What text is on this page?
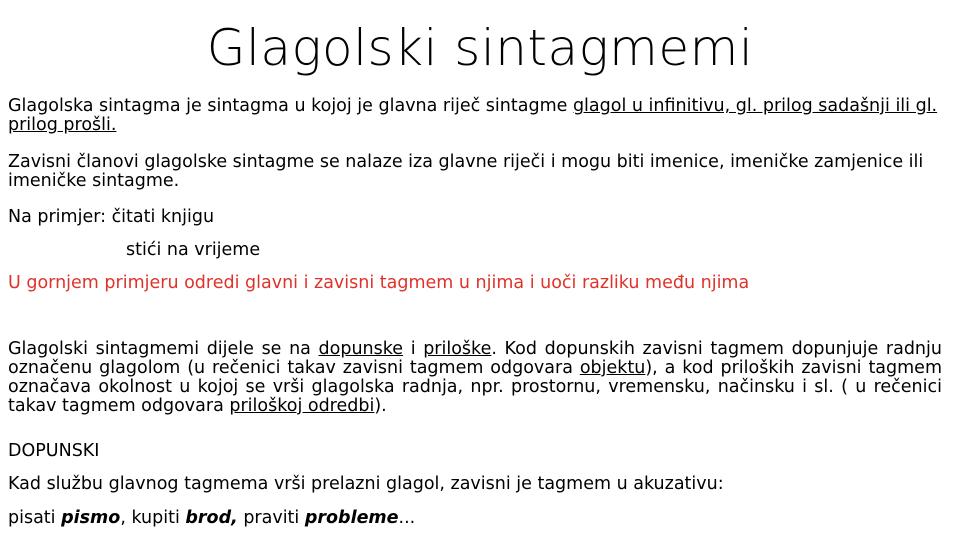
Glagolski sintagmemi
Glagolska sintagma je sintagma u kojoj je glavna riječ sintagme glagol u infinitivu, gl. prilog sadašnji ili gl. prilog prošli.
Zavisni članovi glagolske sintagme se nalaze iza glavne riječi i mogu biti imenice, imeničke zamjenice ili imeničke sintagme.
Na primjer: čitati knjigu
stići na vrijeme
U gornjem primjeru odredi glavni i zavisni tagmem u njima i uoči razliku među njima
Glagolski sintagmemi dijele se na dopunske i priloške. Kod dopunskih zavisni tagmem dopunjuje radnju označenu glagolom (u rečenici takav zavisni tagmem odgovara objektu), a kod priloških zavisni tagmem označava okolnost u kojoj se vrši glagolska radnja, npr. prostornu, vremensku, načinsku i sl. ( u rečenici takav tagmem odgovara priloškoj odredbi).
DOPUNSKI
Kad službu glavnog tagmema vrši prelazni glagol, zavisni je tagmem u akuzativu:
pisati pismo, kupiti brod, praviti probleme...
